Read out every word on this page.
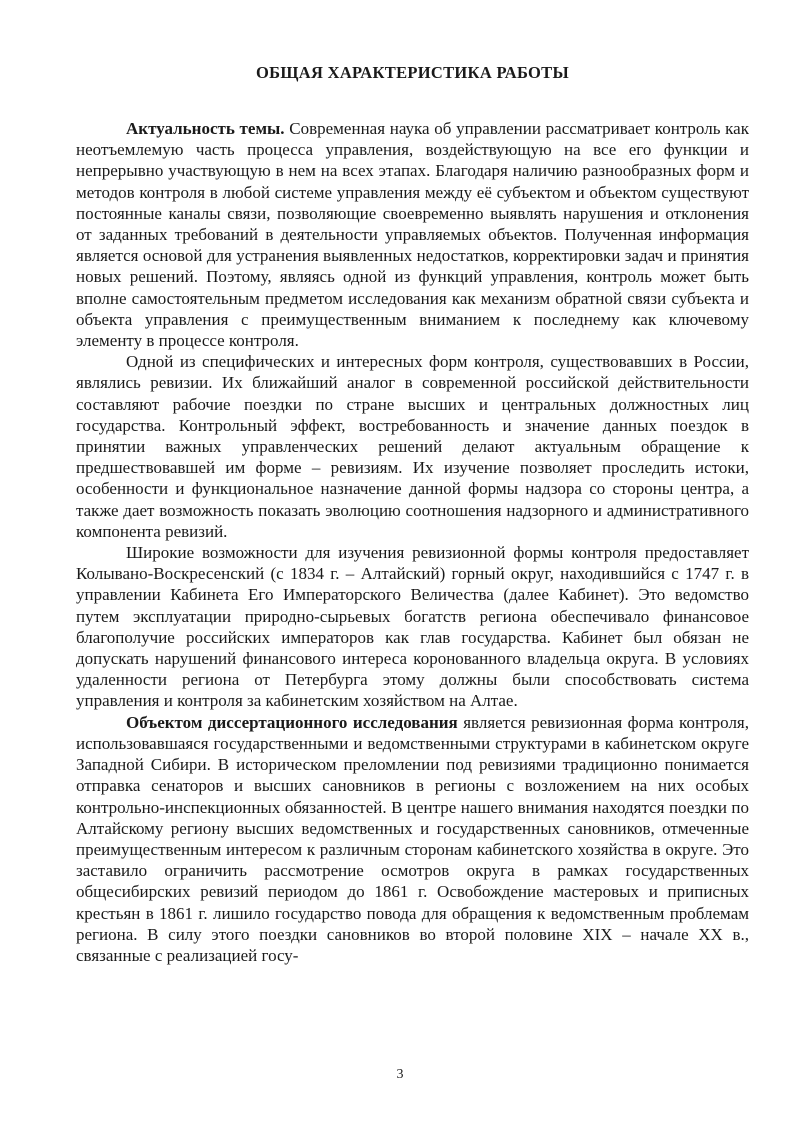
ОБЩАЯ ХАРАКТЕРИСТИКА РАБОТЫ

Актуальность темы. Современная наука об управлении рассматривает контроль как неотъемлемую часть процесса управления, воздействующую на все его функции и непрерывно участвующую в нем на всех этапах. Благодаря наличию разнообразных форм и методов контроля в любой системе управления между её субъектом и объектом существуют постоянные каналы связи, позволяющие своевременно выявлять нарушения и отклонения от заданных требований в деятельности управляемых объектов. Полученная информация является основой для устранения выявленных недостатков, корректировки задач и принятия новых решений. Поэтому, являясь одной из функций управления, контроль может быть вполне самостоятельным предметом исследования как механизм обратной связи субъекта и объекта управления с преимущественным вниманием к последнему как ключевому элементу в процессе контроля.

Одной из специфических и интересных форм контроля, существовавших в России, являлись ревизии. Их ближайший аналог в современной российской действительности составляют рабочие поездки по стране высших и центральных должностных лиц государства. Контрольный эффект, востребованность и значение данных поездок в принятии важных управленческих решений делают актуальным обращение к предшествовавшей им форме – ревизиям. Их изучение позволяет проследить истоки, особенности и функциональное назначение данной формы надзора со стороны центра, а также дает возможность показать эволюцию соотношения надзорного и административного компонента ревизий.

Широкие возможности для изучения ревизионной формы контроля предоставляет Колывано-Воскресенский (с 1834 г. – Алтайский) горный округ, находившийся с 1747 г. в управлении Кабинета Его Императорского Величества (далее Кабинет). Это ведомство путем эксплуатации природно-сырьевых богатств региона обеспечивало финансовое благополучие российских императоров как глав государства. Кабинет был обязан не допускать нарушений финансового интереса коронованного владельца округа. В условиях удаленности региона от Петербурга этому должны были способствовать система управления и контроля за кабинетским хозяйством на Алтае.

Объектом диссертационного исследования является ревизионная форма контроля, использовавшаяся государственными и ведомственными структурами в кабинетском округе Западной Сибири. В историческом преломлении под ревизиями традиционно понимается отправка сенаторов и высших сановников в регионы с возложением на них особых контрольно-инспекционных обязанностей. В центре нашего внимания находятся поездки по Алтайскому региону высших ведомственных и государственных сановников, отмеченные преимущественным интересом к различным сторонам кабинетского хозяйства в округе. Это заставило ограничить рассмотрение осмотров округа в рамках государственных общесибирских ревизий периодом до 1861 г. Освобождение мастеровых и приписных крестьян в 1861 г. лишило государство повода для обращения к ведомственным проблемам региона. В силу этого поездки сановников во второй половине XIX – начале XX в., связанные с реализацией госу-

3
